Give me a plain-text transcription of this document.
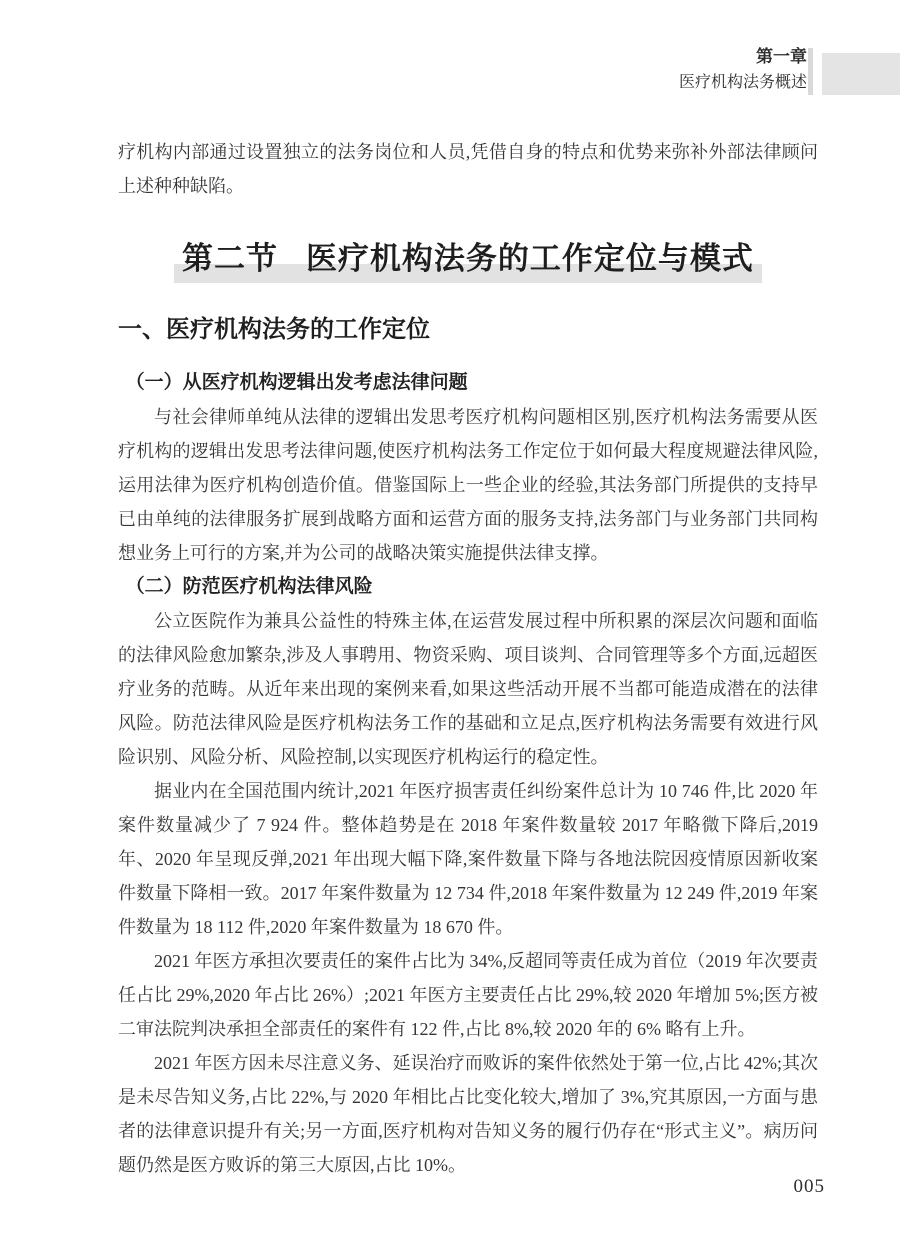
第一章
医疗机构法务概述

疗机构内部通过设置独立的法务岗位和人员,凭借自身的特点和优势来弥补外部法律顾问上述种种缺陷。

第二节 医疗机构法务的工作定位与模式
一、医疗机构法务的工作定位
（一）从医疗机构逻辑出发考虑法律问题

与社会律师单纯从法律的逻辑出发思考医疗机构问题相区别,医疗机构法务需要从医疗机构的逻辑出发思考法律问题,使医疗机构法务工作定位于如何最大程度规避法律风险,运用法律为医疗机构创造价值。借鉴国际上一些企业的经验,其法务部门所提供的支持早已由单纯的法律服务扩展到战略方面和运营方面的服务支持,法务部门与业务部门共同构想业务上可行的方案,并为公司的战略决策实施提供法律支撑。

（二）防范医疗机构法律风险

公立医院作为兼具公益性的特殊主体,在运营发展过程中所积累的深层次问题和面临的法律风险愈加繁杂,涉及人事聘用、物资采购、项目谈判、合同管理等多个方面,远超医疗业务的范畴。从近年来出现的案例来看,如果这些活动开展不当都可能造成潜在的法律风险。防范法律风险是医疗机构法务工作的基础和立足点,医疗机构法务需要有效进行风险识别、风险分析、风险控制,以实现医疗机构运行的稳定性。

据业内在全国范围内统计,2021 年医疗损害责任纠纷案件总计为 10 746 件,比 2020 年案件数量减少了 7 924 件。整体趋势是在 2018 年案件数量较 2017 年略微下降后,2019 年、2020 年呈现反弹,2021 年出现大幅下降,案件数量下降与各地法院因疫情原因新收案件数量下降相一致。2017 年案件数量为 12 734 件,2018 年案件数量为 12 249 件,2019 年案件数量为 18 112 件,2020 年案件数量为 18 670 件。

2021 年医方承担次要责任的案件占比为 34%,反超同等责任成为首位（2019 年次要责任占比 29%,2020 年占比 26%）;2021 年医方主要责任占比 29%,较 2020 年增加 5%;医方被二审法院判决承担全部责任的案件有 122 件,占比 8%,较 2020 年的 6% 略有上升。

2021 年医方因未尽注意义务、延误治疗而败诉的案件依然处于第一位,占比 42%;其次是未尽告知义务,占比 22%,与 2020 年相比占比变化较大,增加了 3%,究其原因,一方面与患者的法律意识提升有关;另一方面,医疗机构对告知义务的履行仍存在“形式主义”。病历问题仍然是医方败诉的第三大原因,占比 10%。

005
